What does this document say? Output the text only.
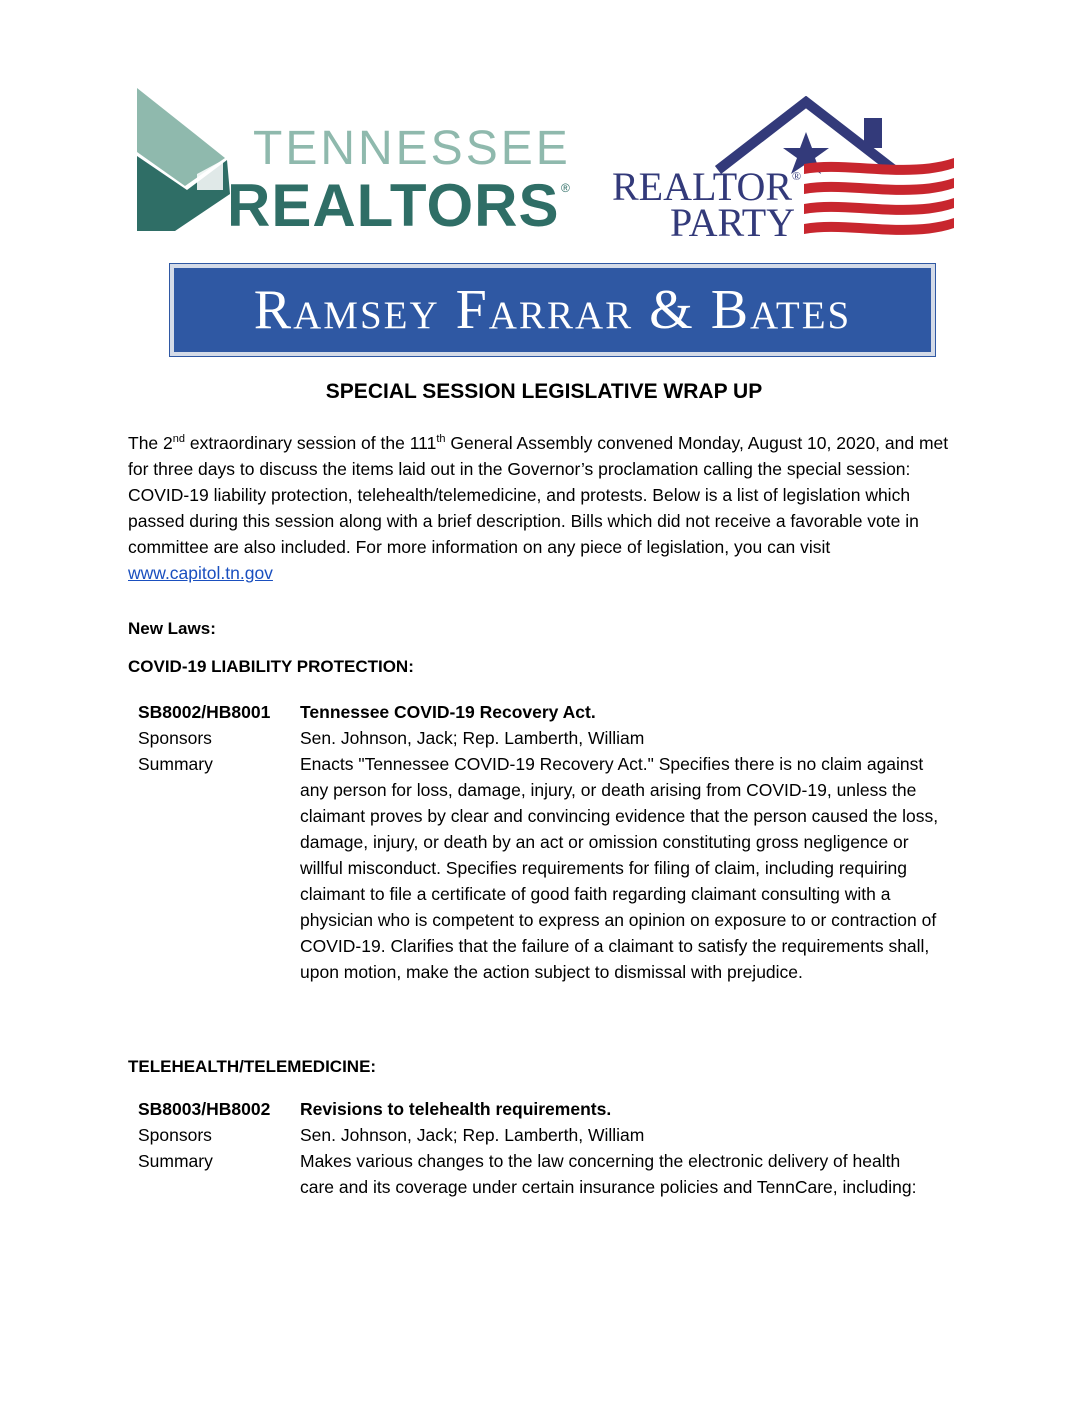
TENNESSEE
REALTORS ® REALTOR ®
PARTY
Ramsey Farrar & Bates
SPECIAL SESSION LEGISLATIVE WRAP UP

The 2nd extraordinary session of the 111th General Assembly convened Monday, August 10, 2020, and met for three days to discuss the items laid out in the Governor’s proclamation calling the special session: COVID-19 liability protection, telehealth/telemedicine, and protests. Below is a list of legislation which passed during this session along with a brief description. Bills which did not receive a favorable vote in committee are also included. For more information on any piece of legislation, you can visit www.capitol.tn.gov

New Laws:

COVID-19 LIABILITY PROTECTION:

SB8002/HB8001	Tennessee COVID-19 Recovery Act.
Sponsors	Sen. Johnson, Jack; Rep. Lamberth, William
Summary	Enacts "Tennessee COVID-19 Recovery Act." Specifies there is no claim against any person for loss, damage, injury, or death arising from COVID-19, unless the claimant proves by clear and convincing evidence that the person caused the loss, damage, injury, or death by an act or omission constituting gross negligence or willful misconduct. Specifies requirements for filing of claim, including requiring claimant to file a certificate of good faith regarding claimant consulting with a physician who is competent to express an opinion on exposure to or contraction of COVID-19. Clarifies that the failure of a claimant to satisfy the requirements shall, upon motion, make the action subject to dismissal with prejudice.

TELEHEALTH/TELEMEDICINE:

SB8003/HB8002	Revisions to telehealth requirements.
Sponsors	Sen. Johnson, Jack; Rep. Lamberth, William
Summary	Makes various changes to the law concerning the electronic delivery of health care and its coverage under certain insurance policies and TennCare, including:
